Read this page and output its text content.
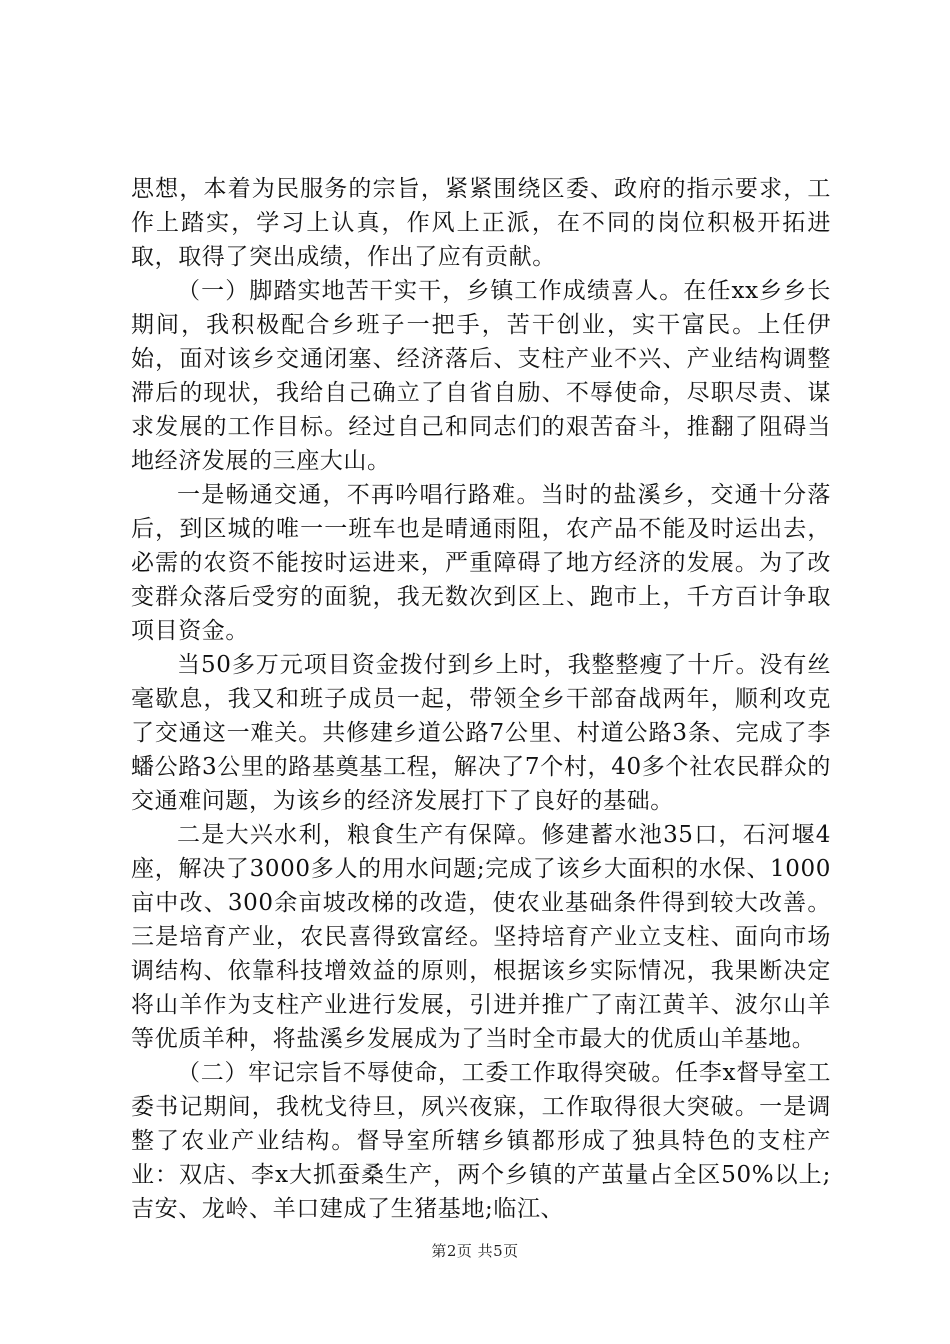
思想，本着为民服务的宗旨，紧紧围绕区委、政府的指示要求，工作上踏实，学习上认真，作风上正派，在不同的岗位积极开拓进取，取得了突出成绩，作出了应有贡献。

（一）脚踏实地苦干实干，乡镇工作成绩喜人。在任xx乡乡长期间，我积极配合乡班子一把手，苦干创业，实干富民。上任伊始，面对该乡交通闭塞、经济落后、支柱产业不兴、产业结构调整滞后的现状，我给自己确立了自省自励、不辱使命，尽职尽责、谋求发展的工作目标。经过自己和同志们的艰苦奋斗，推翻了阻碍当地经济发展的三座大山。

一是畅通交通，不再吟唱行路难。当时的盐溪乡，交通十分落后，到区城的唯一一班车也是晴通雨阻，农产品不能及时运出去，必需的农资不能按时运进来，严重障碍了地方经济的发展。为了改变群众落后受穷的面貌，我无数次到区上、跑市上，千方百计争取项目资金。

当50多万元项目资金拨付到乡上时，我整整瘦了十斤。没有丝毫歇息，我又和班子成员一起，带领全乡干部奋战两年，顺利攻克了交通这一难关。共修建乡道公路7公里、村道公路3条、完成了李蟠公路3公里的路基奠基工程，解决了7个村，40多个社农民群众的交通难问题，为该乡的经济发展打下了良好的基础。

二是大兴水利，粮食生产有保障。修建蓄水池35口，石河堰4座，解决了3000多人的用水问题;完成了该乡大面积的水保、1000亩中改、300余亩坡改梯的改造，使农业基础条件得到较大改善。三是培育产业，农民喜得致富经。坚持培育产业立支柱、面向市场调结构、依靠科技增效益的原则，根据该乡实际情况，我果断决定将山羊作为支柱产业进行发展，引进并推广了南江黄羊、波尔山羊等优质羊种，将盐溪乡发展成为了当时全市最大的优质山羊基地。

（二）牢记宗旨不辱使命，工委工作取得突破。任李x督导室工委书记期间，我枕戈待旦，夙兴夜寐，工作取得很大突破。一是调整了农业产业结构。督导室所辖乡镇都形成了独具特色的支柱产业：双店、李x大抓蚕桑生产，两个乡镇的产茧量占全区50%以上;吉安、龙岭、羊口建成了生猪基地;临江、

第2页 共5页
